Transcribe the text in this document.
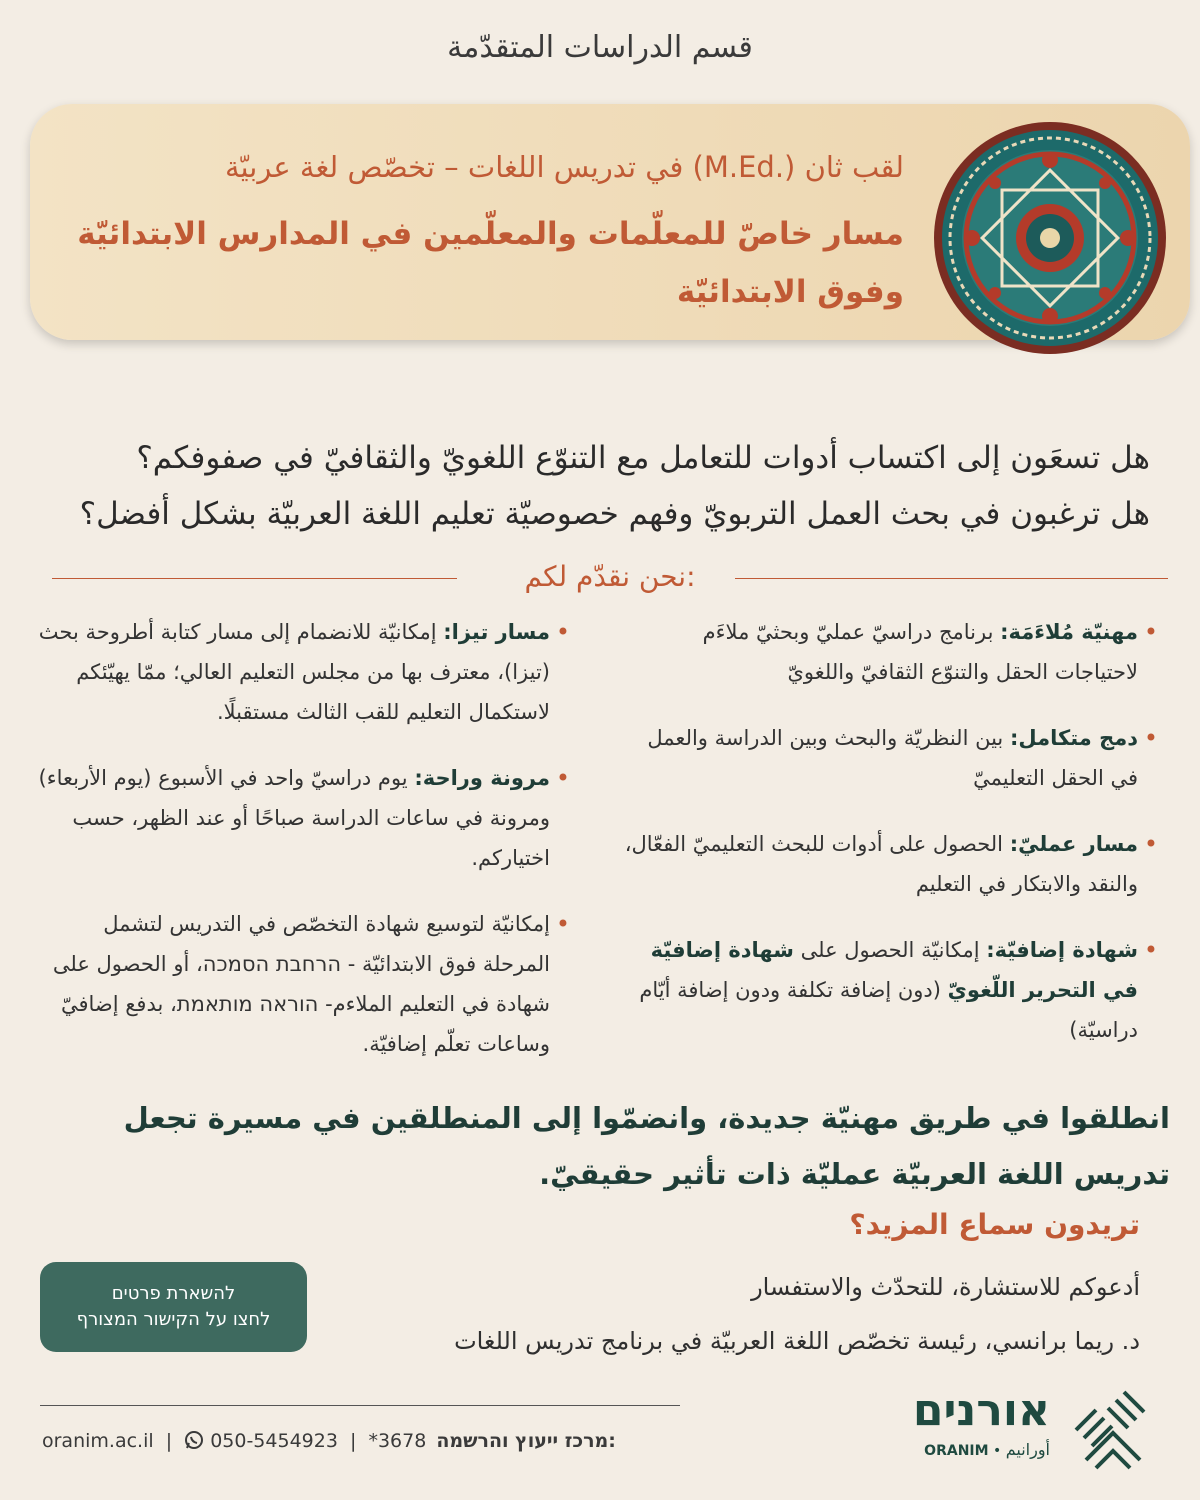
قسم الدراسات المتقدّمة
لقب ثان (.M.Ed) في تدريس اللغات – تخصّص لغة عربيّة
مسار خاصّ للمعلّمات والمعلّمين في المدارس الابتدائيّة
وفوق الابتدائيّة
هل تسعَون إلى اكتساب أدوات للتعامل مع التنوّع اللغويّ والثقافيّ في صفوفكم؟
هل ترغبون في بحث العمل التربويّ وفهم خصوصيّة تعليم اللغة العربيّة بشكل أفضل؟
نحن نقدّم لكم:

• مهنيّة مُلاءَمَة: برنامج دراسيّ عمليّ وبحثيّ ملاءَم لاحتياجات الحقل والتنوّع الثقافيّ واللغويّ

• دمج متكامل: بين النظريّة والبحث وبين الدراسة والعمل في الحقل التعليميّ

• مسار عمليّ: الحصول على أدوات للبحث التعليميّ الفعّال، والنقد والابتكار في التعليم

• شهادة إضافيّة: إمكانيّة الحصول على شهادة إضافيّة في التحرير اللّغويّ (دون إضافة تكلفة ودون إضافة أيّام دراسيّة)

• مسار تيزا: إمكانيّة للانضمام إلى مسار كتابة أطروحة بحث (تيزا)، معترف بها من مجلس التعليم العالي؛ ممّا يهيّئكم لاستكمال التعليم للقب الثالث مستقبلًا.

• مرونة وراحة: يوم دراسيّ واحد في الأسبوع (يوم الأربعاء) ومرونة في ساعات الدراسة صباحًا أو عند الظهر، حسب اختياركم.

• إمكانيّة لتوسيع شهادة التخصّص في التدريس لتشمل المرحلة فوق الابتدائيّة - הרחבת הסמכה، أو الحصول على شهادة في التعليم الملاءم- הוראה מותאמת، بدفع إضافيّ وساعات تعلّم إضافيّة.

انطلقوا في طريق مهنيّة جديدة، وانضمّوا إلى المنطلقين في مسيرة تجعل تدريس اللغة العربيّة عمليّة ذات تأثير حقيقيّ.
تريدون سماع المزيد؟
أدعوكم للاستشارة، للتحدّث والاستفسار
د. ريما برانسي، رئيسة تخصّص اللغة العربيّة في برنامج تدريس اللغات
להשארת פרטים
לחצו על הקישור המצורף
oranim.ac.il | 050-5454923 | *3678 מרכז ייעוץ והרשמה:
אורנים
ORANIM • أورانيم
